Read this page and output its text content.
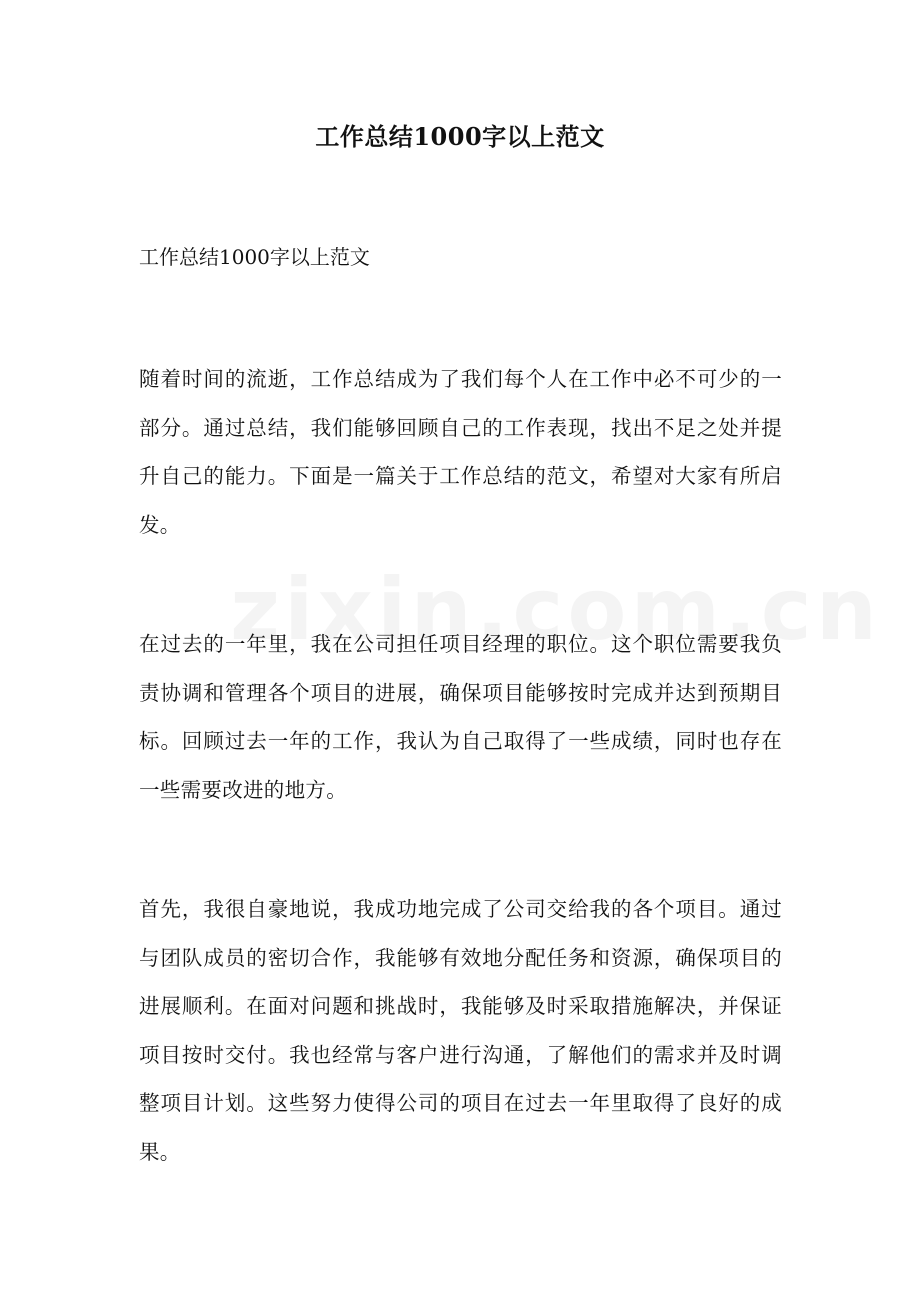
工作总结1000字以上范文

工作总结1000字以上范文

随着时间的流逝，工作总结成为了我们每个人在工作中必不可少的一部分。通过总结，我们能够回顾自己的工作表现，找出不足之处并提升自己的能力。下面是一篇关于工作总结的范文，希望对大家有所启发。

在过去的一年里，我在公司担任项目经理的职位。这个职位需要我负责协调和管理各个项目的进展，确保项目能够按时完成并达到预期目标。回顾过去一年的工作，我认为自己取得了一些成绩，同时也存在一些需要改进的地方。

首先，我很自豪地说，我成功地完成了公司交给我的各个项目。通过与团队成员的密切合作，我能够有效地分配任务和资源，确保项目的进展顺利。在面对问题和挑战时，我能够及时采取措施解决，并保证项目按时交付。我也经常与客户进行沟通，了解他们的需求并及时调整项目计划。这些努力使得公司的项目在过去一年里取得了良好的成果。
